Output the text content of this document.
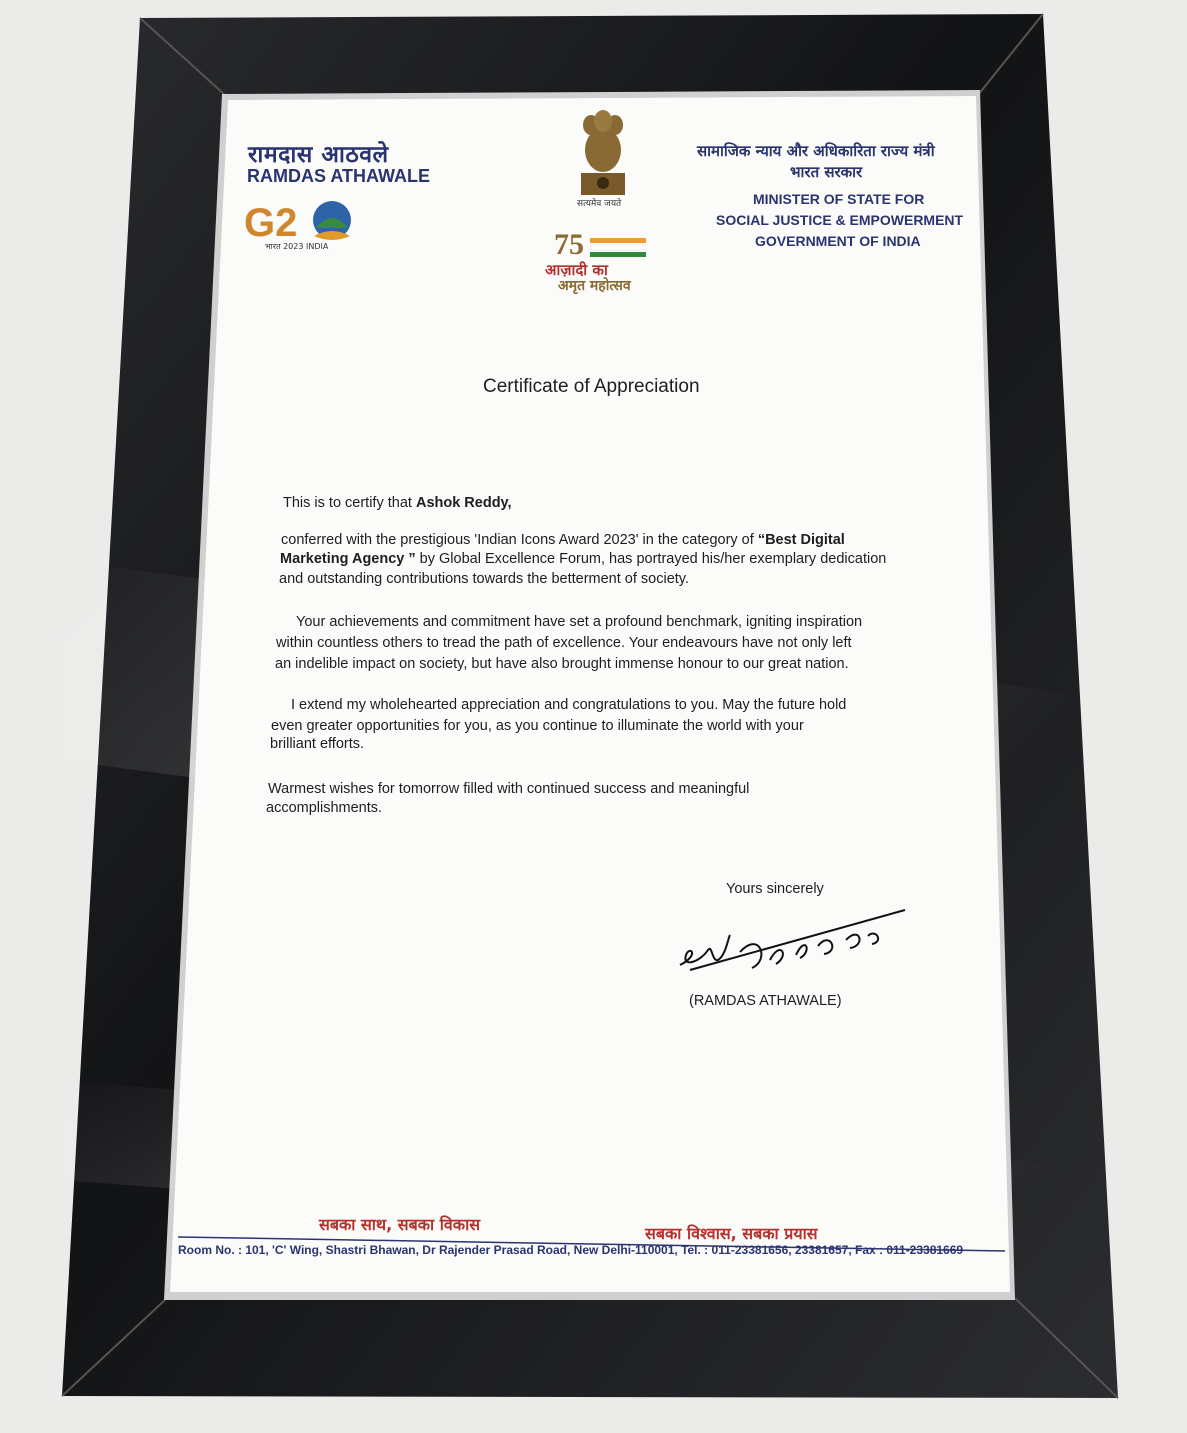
G2	75
रामदास आठवले
RAMDAS ATHAWALE
भारत 2023 INDIA
सत्यमेव जयते
आज़ादी का
अमृत महोत्सव
सामाजिक न्याय और अधिकारिता राज्य मंत्री
भारत सरकार
MINISTER OF STATE FOR
SOCIAL JUSTICE & EMPOWERMENT
GOVERNMENT OF INDIA
Certificate of Appreciation
This is to certify that Ashok Reddy,
conferred with the prestigious 'Indian Icons Award 2023' in the category of “Best Digital
Marketing Agency ” by Global Excellence Forum, has portrayed his/her exemplary dedication
and outstanding contributions towards the betterment of society.
Your achievements and commitment have set a profound benchmark, igniting inspiration
within countless others to tread the path of excellence. Your endeavours have not only left
an indelible impact on society, but have also brought immense honour to our great nation.
I extend my wholehearted appreciation and congratulations to you. May the future hold
even greater opportunities for you, as you continue to illuminate the world with your
brilliant efforts.
Warmest wishes for tomorrow filled with continued success and meaningful
accomplishments.
Yours sincerely
(RAMDAS ATHAWALE)
सबका साथ, सबका विकास	सबका विश्वास, सबका प्रयास
Room No. : 101, 'C' Wing, Shastri Bhawan, Dr Rajender Prasad Road, New Delhi-110001, Tel. : 011-23381656, 23381657, Fax : 011-23381669
